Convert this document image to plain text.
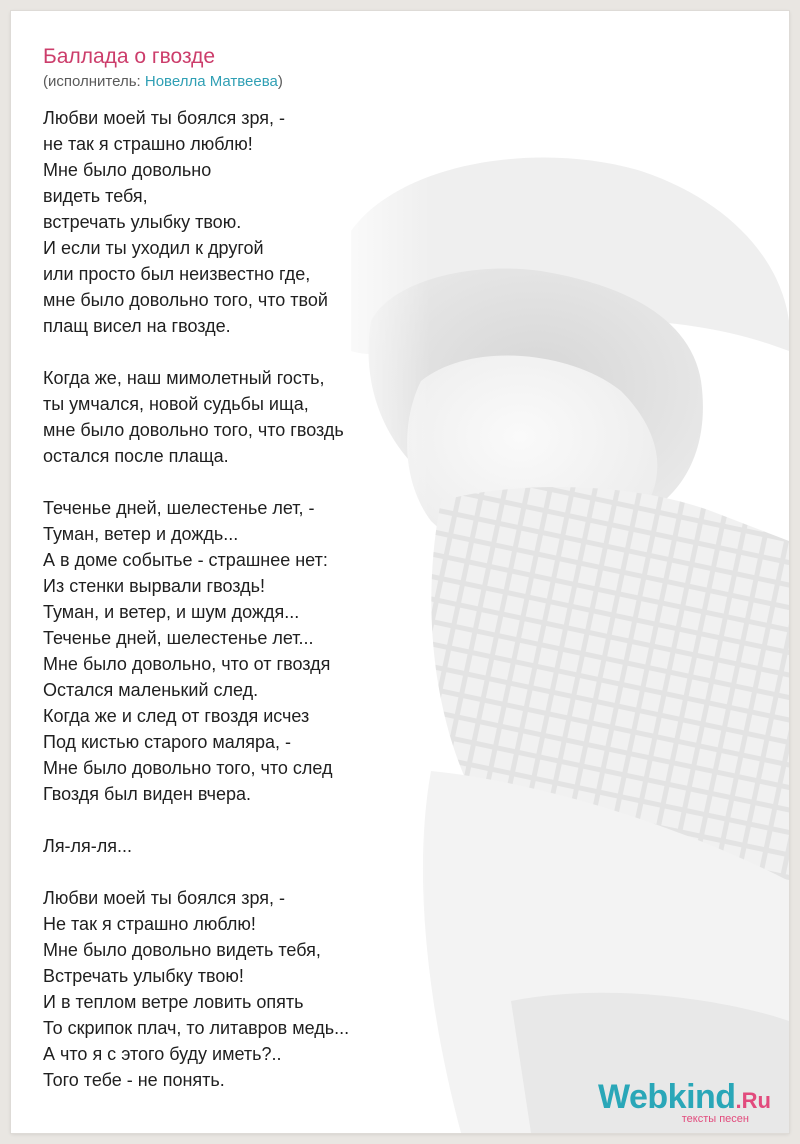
Баллада о гвозде
(исполнитель: Новелла Матвеева)
Любви моей ты боялся зря, -
не так я страшно люблю!
Мне было довольно
видеть тебя,
встречать улыбку твою.
И если ты уходил к другой
или просто был неизвестно где,
мне было довольно того, что твой
плащ висел на гвозде.

Когда же, наш мимолетный гость,
ты умчался, новой судьбы ища,
мне было довольно того, что гвоздь
остался после плаща.

Теченье дней, шелестенье лет, -
Туман, ветер и дождь...
А в доме событье - страшнее нет:
Из стенки вырвали гвоздь!
Туман, и ветер, и шум дождя...
Теченье дней, шелестенье лет...
Мне было довольно, что от гвоздя
Остался маленький след.
Когда же и след от гвоздя исчез
Под кистью старого маляра, -
Мне было довольно того, что след
Гвоздя был виден вчера.

Ля-ля-ля...

Любви моей ты боялся зря, -
Не так я страшно люблю!
Мне было довольно видеть тебя,
Встречать улыбку твою!
И в теплом ветре ловить опять
То скрипок плач, то литавров медь...
А что я с этого буду иметь?..
Того тебе - не понять.	Webkind.Ru
тексты песен
